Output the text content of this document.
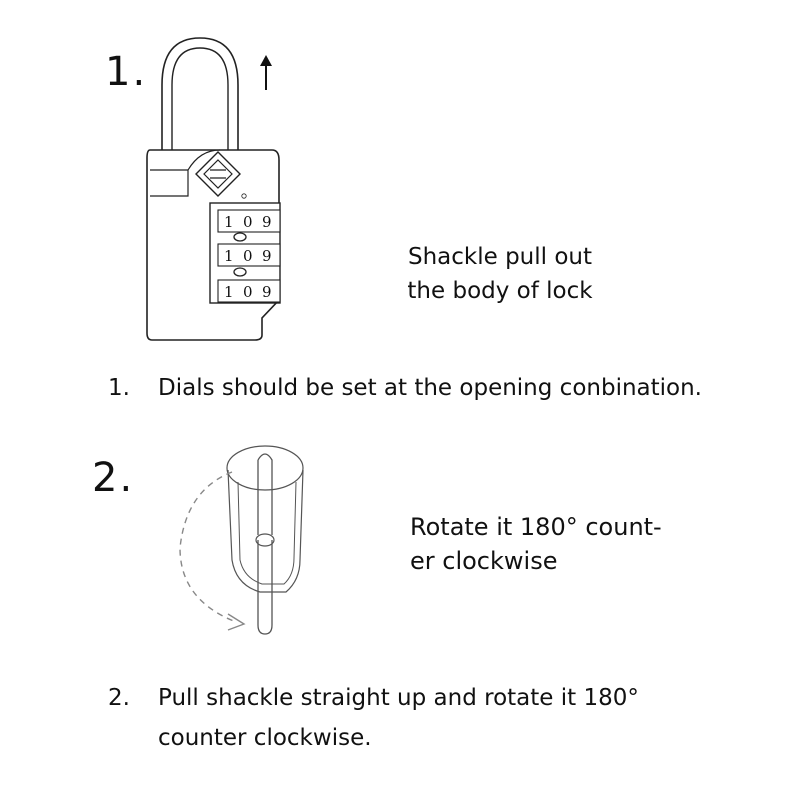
1.
1 0 9
1 0 9
1 0 9
Shackle pull out
the body of lock
1. Dials should be set at the opening conbination.
2.
Rotate it 180° count-
er clockwise
2. Pull shackle straight up and rotate it 180°
counter clockwise.
